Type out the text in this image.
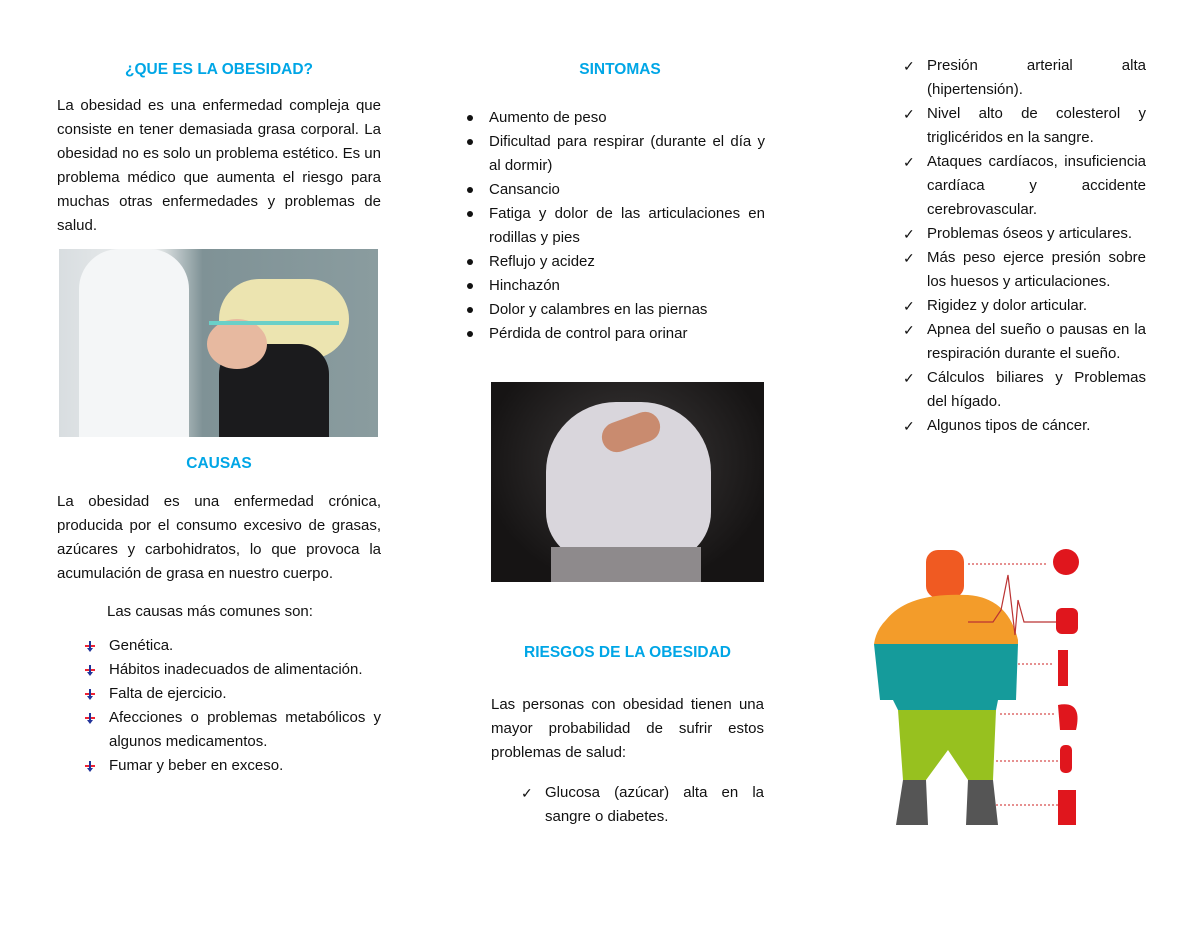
¿QUE ES LA OBESIDAD?

La obesidad es una enfermedad compleja que consiste en tener demasiada grasa corporal. La obesidad no es solo un problema estético. Es un problema médico que aumenta el riesgo para muchas otras enfermedades y problemas de salud.

CAUSAS

La obesidad es una enfermedad crónica, producida por el consumo excesivo de grasas, azúcares y carbohidratos, lo que provoca la acumulación de grasa en nuestro cuerpo.

Las causas más comunes son:
Genética.
Hábitos inadecuados de alimentación.
Falta de ejercicio.
Afecciones o problemas metabólicos y algunos medicamentos.
Fumar y beber en exceso.
SINTOMAS
Aumento de peso
Dificultad para respirar (durante el día y al dormir)
Cansancio
Fatiga y dolor de las articulaciones en rodillas y pies
Reflujo y acidez
Hinchazón
Dolor y calambres en las piernas
Pérdida de control para orinar
RIESGOS DE LA OBESIDAD

Las personas con obesidad tienen una mayor probabilidad de sufrir estos problemas de salud:

✓ Glucosa (azúcar) alta en la sangre o diabetes.
✓ Presión arterial alta (hipertensión).
✓ Nivel alto de colesterol y triglicéridos en la sangre.
✓ Ataques cardíacos, insuficiencia cardíaca y accidente cerebrovascular.
✓ Problemas óseos y articulares.
✓ Más peso ejerce presión sobre los huesos y articulaciones.
✓ Rigidez y dolor articular.
✓ Apnea del sueño o pausas en la respiración durante el sueño.
✓ Cálculos biliares y Problemas del hígado.
✓ Algunos tipos de cáncer.
